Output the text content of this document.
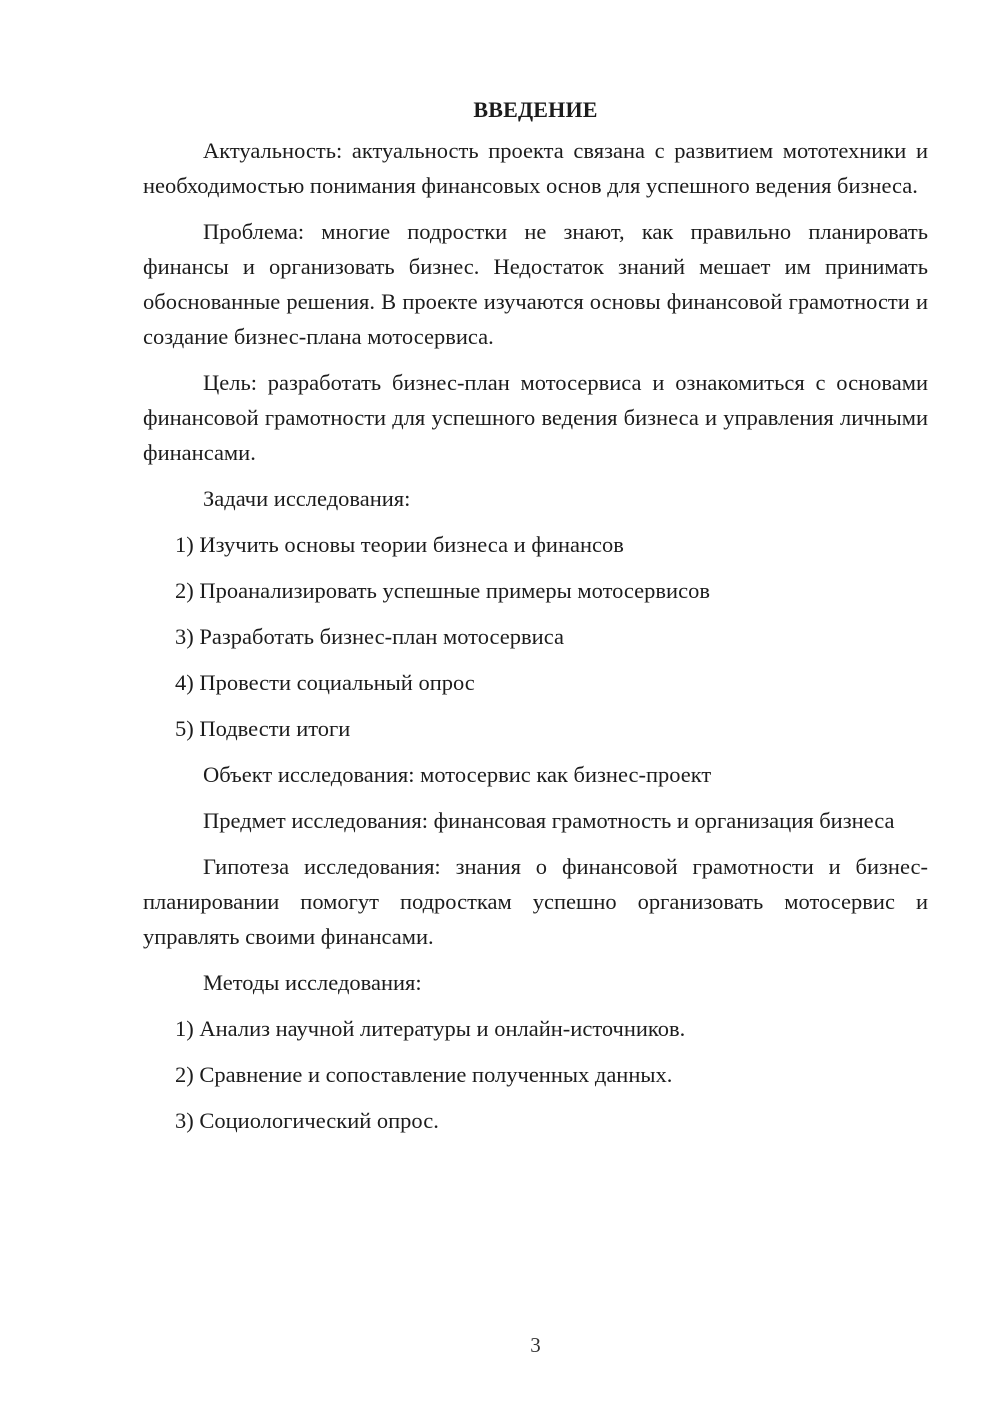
ВВЕДЕНИЕ

Актуальность: актуальность проекта связана с развитием мототехники и необходимостью понимания финансовых основ для успешного ведения бизнеса.

Проблема: многие подростки не знают, как правильно планировать финансы и организовать бизнес. Недостаток знаний мешает им принимать обоснованные решения. В проекте изучаются основы финансовой грамотности и создание бизнес-плана мотосервиса.

Цель: разработать бизнес-план мотосервиса и ознакомиться с основами финансовой грамотности для успешного ведения бизнеса и управления личными финансами.

Задачи исследования:

1) Изучить основы теории бизнеса и финансов
2) Проанализировать успешные примеры мотосервисов
3) Разработать бизнес-план мотосервиса
4) Провести социальный опрос
5) Подвести итоги

Объект исследования: мотосервис как бизнес-проект

Предмет исследования: финансовая грамотность и организация бизнеса

Гипотеза исследования: знания о финансовой грамотности и бизнес-планировании помогут подросткам успешно организовать мотосервис и управлять своими финансами.

Методы исследования:

1) Анализ научной литературы и онлайн-источников.
2) Сравнение и сопоставление полученных данных.
3) Социологический опрос.
3
